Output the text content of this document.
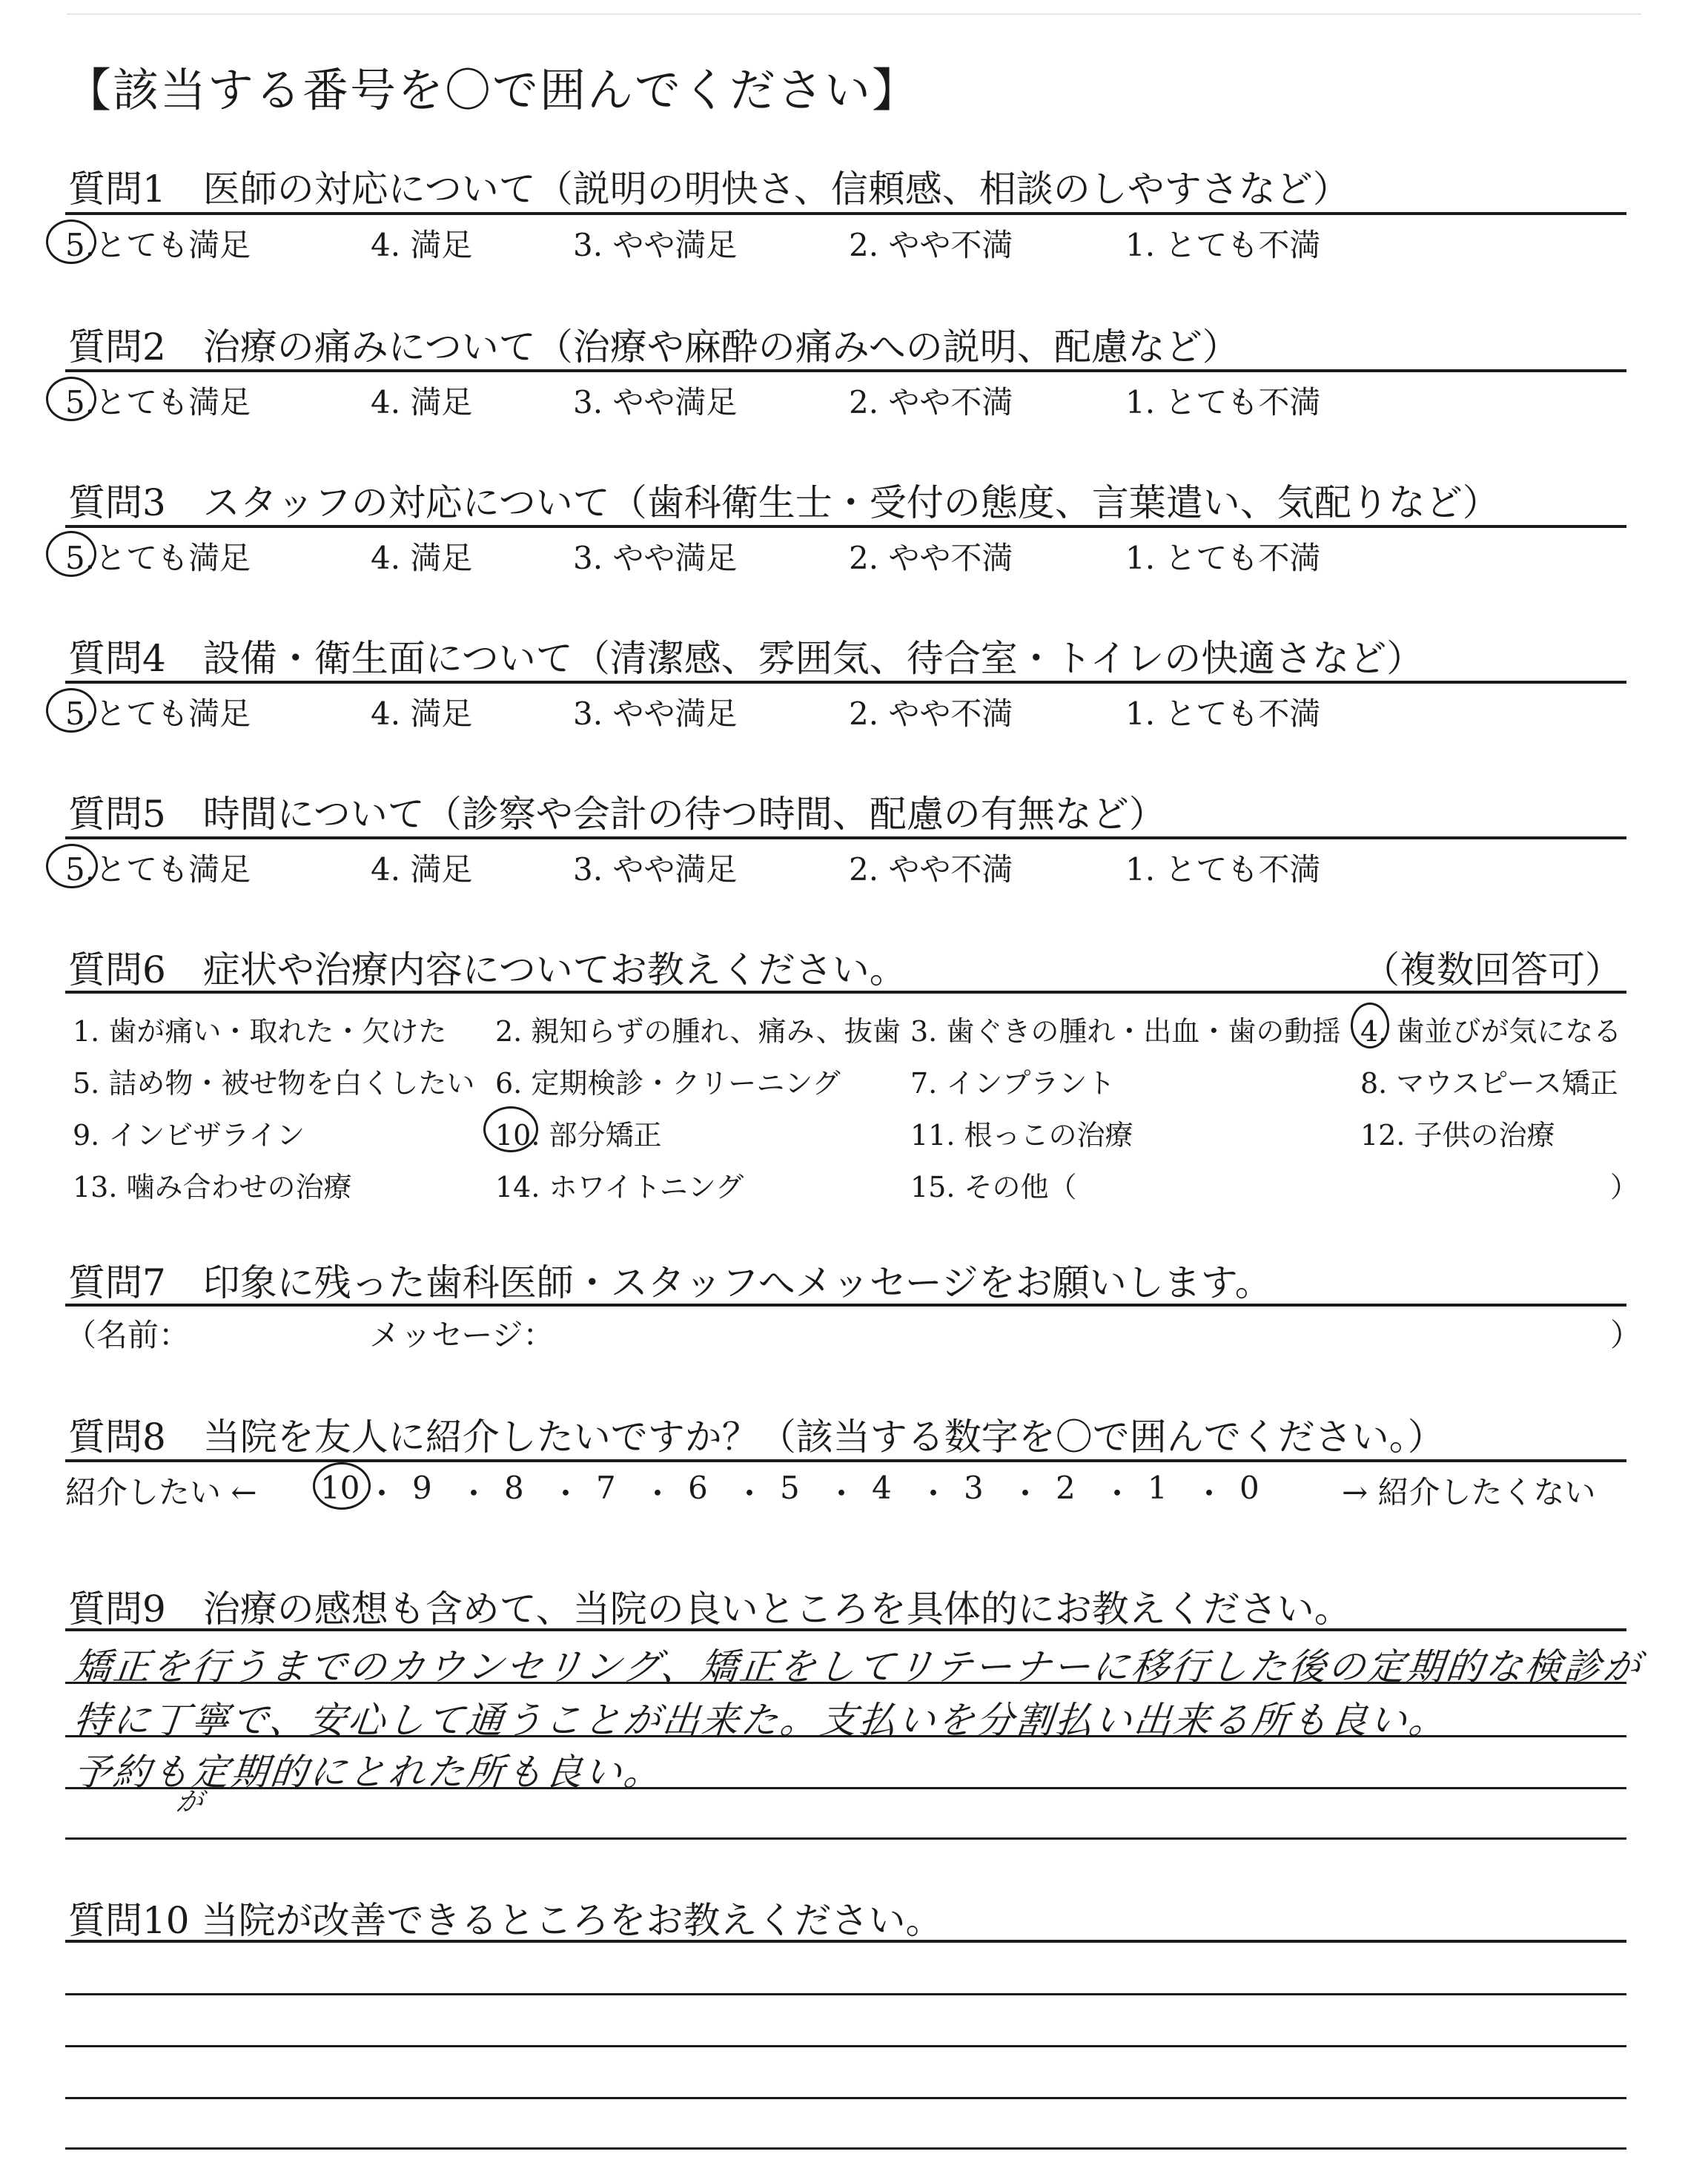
【該当する番号を〇で囲んでください】
質問1　医師の対応について（説明の明快さ、信頼感、相談のしやすさなど）
5.とても満足	4. 満足	3. やや満足	2. やや不満	1. とても不満
質問2　治療の痛みについて（治療や麻酔の痛みへの説明、配慮など）
5.とても満足	4. 満足	3. やや満足	2. やや不満	1. とても不満
質問3　スタッフの対応について（歯科衛生士・受付の態度、言葉遣い、気配りなど）
5.とても満足	4. 満足	3. やや満足	2. やや不満	1. とても不満
質問4　設備・衛生面について（清潔感、雰囲気、待合室・トイレの快適さなど）
5.とても満足	4. 満足	3. やや満足	2. やや不満	1. とても不満
質問5　時間について（診察や会計の待つ時間、配慮の有無など）
5.とても満足	4. 満足	3. やや満足	2. やや不満	1. とても不満
質問6　症状や治療内容についてお教えください。	（複数回答可）
1. 歯が痛い・取れた・欠けた 2. 親知らずの腫れ、痛み、抜歯 3. 歯ぐきの腫れ・出血・歯の動揺 4. 歯並びが気になる
5. 詰め物・被せ物を白くしたい 6. 定期検診・クリーニング 7. インプラント	8. マウスピース矯正
9. インビザライン	10. 部分矯正	11. 根っこの治療	12. 子供の治療
13. 噛み合わせの治療	14. ホワイトニング	15. その他（	）
質問7　印象に残った歯科医師・スタッフへメッセージをお願いします。
（名前：	メッセージ：	）
質問8　当院を友人に紹介したいですか？（該当する数字を〇で囲んでください。）
紹介したい ← 10 ・ 9 ・ 8 ・ 7 ・ 6 ・ 5 ・ 4 ・ 3 ・ 2 ・ 1 ・ 0	→ 紹介したくない
質問9　治療の感想も含めて、当院の良いところを具体的にお教えください。
矯正を行うまでのカウンセリング、矯正をしてリテーナーに移行した後の定期的な検診が
特に丁寧で、安心して通うことが出来た。支払いを分割払い出来る所も良い。
予約も定期的にとれた所も良い。
が
質問10 当院が改善できるところをお教えください。
